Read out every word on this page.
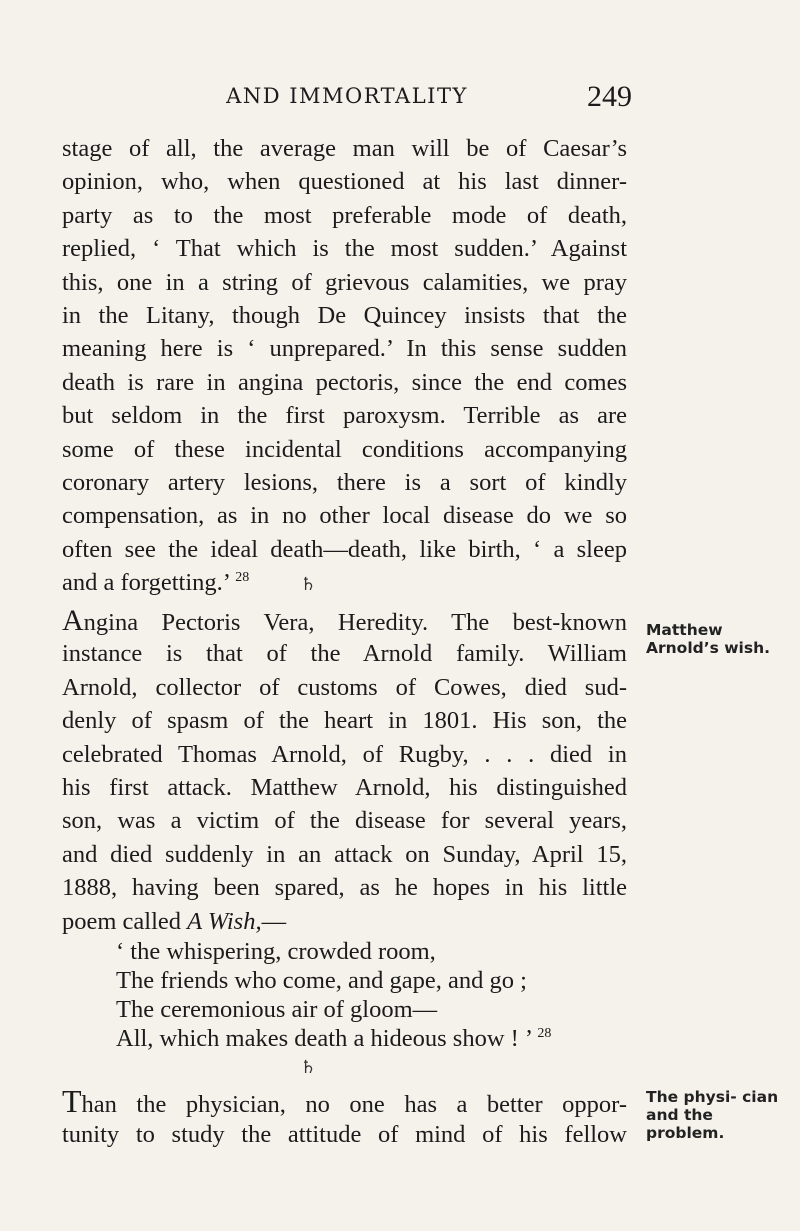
AND IMMORTALITY	249
stage of all, the average man will be of Caesar’s
opinion, who, when questioned at his last dinner-
party as to the most preferable mode of death,
replied, ‘ That which is the most sudden.’ Against
this, one in a string of grievous calamities, we pray
in the Litany, though De Quincey insists that the
meaning here is ‘ unprepared.’ In this sense sudden
death is rare in angina pectoris, since the end comes
but seldom in the first paroxysm. Terrible as are
some of these incidental conditions accompanying
coronary artery lesions, there is a sort of kindly
compensation, as in no other local disease do we so
often see the ideal death—death, like birth, ‘ a sleep
and a forgetting.’ $^{28}$	♄
Angina Pectoris Vera, Heredity. The best-known
instance is that of the Arnold family. William
Arnold, collector of customs of Cowes, died sud-
denly of spasm of the heart in 1801. His son, the
celebrated Thomas Arnold, of Rugby, . . . died in
his first attack. Matthew Arnold, his distinguished
son, was a victim of the disease for several years,
and died suddenly in an attack on Sunday, April 15,
1888, having been spared, as he hopes in his little
poem called A Wish,—
Matthew Arnold’s wish.
‘ the whispering, crowded room,
The friends who come, and gape, and go ;
The ceremonious air of gloom—
All, which makes death a hideous show ! ’ $^{28}$
♄
Than the physician, no one has a better oppor-
tunity to study the attitude of mind of his fellow
The physi- cian and the problem.
